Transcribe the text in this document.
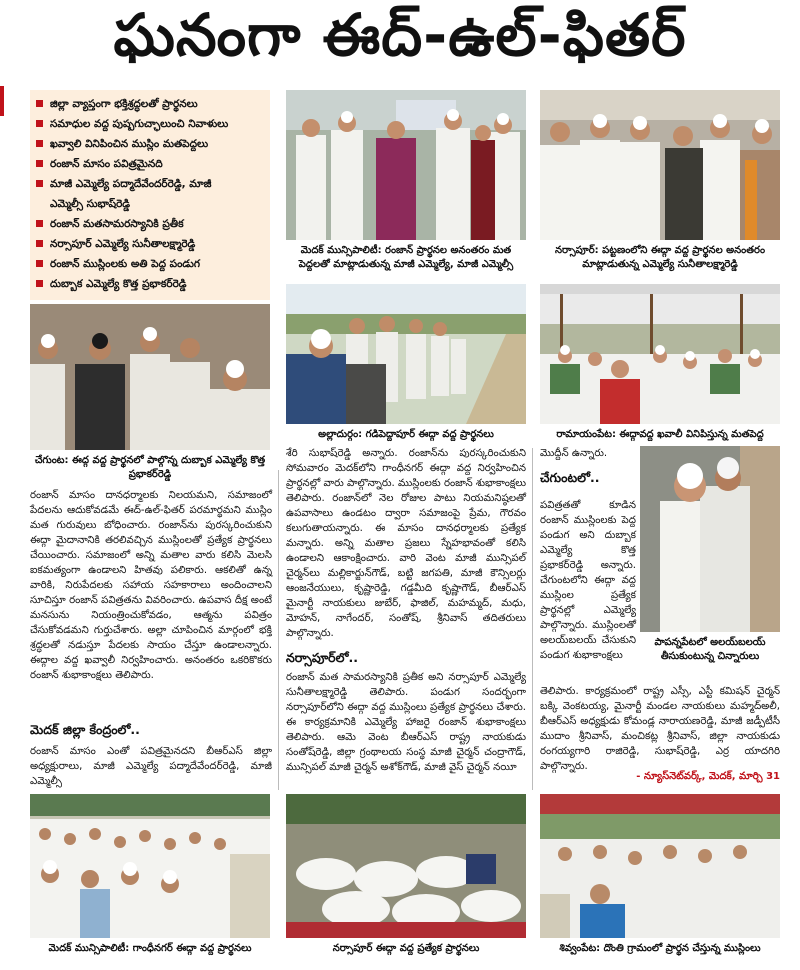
ఘనంగా ఈద్‌-ఉల్‌-ఫితర్‌
జిల్లా వ్యాప్తంగా భక్తిశ్రద్ధలతో ప్రార్థనలు
సమాధుల వద్ద పుష్పగుచ్ఛాలుంచి నివాళులు
ఖవ్వాలి వినిపించిన ముస్లిం మతపెద్దలు
రంజాన్‌ మాసం పవిత్రమైనది
మాజీ ఎమ్మెల్యే పద్మాదేవేందర్‌రెడ్డి, మాజీ
ఎమ్మెల్సీ సుభాష్‌రెడ్డి
రంజాన్‌ మతసామరస్యానికి ప్రతీక
నర్సాపూర్‌ ఎమ్మెల్యే సునీతాలక్ష్మారెడ్డి
రంజాన్‌ ముస్లింలకు అతి పెద్ద పండుగ
దుబ్బాక ఎమ్మెల్యే కొత్త ప్రభాకర్‌రెడ్డి
మెదక్‌ మున్సిపాలిటీ: రంజాన్‌ ప్రార్థనల అనంతరం మత పెద్దలతో మాట్లాడుతున్న మాజీ ఎమ్మెల్యే, మాజీ ఎమ్మెల్సీ
నర్సాపూర్‌: పట్టణంలోని ఈద్గా వద్ద ప్రార్థనల అనంతరం మాట్లాడుతున్న ఎమ్మెల్యే సునీతాలక్ష్మారెడ్డి
చేగుంట: ఈద్గ వద్ద ప్రార్థనలో పాల్గొన్న దుబ్బాక ఎమ్మెల్యే కొత్త ప్రభాకర్‌రెడ్డి
అల్లాదుర్గం: గడిపెద్దాపూర్‌ ఈద్గా వద్ద ప్రార్థనలు	రామాయంపేట: ఈద్గావద్ద ఖవాలీ వినిపిస్తున్న మతపెద్ద
రంజాన్‌ మాసం దానధర్మాలకు నిలయమని, సమాజంలో పేదలను ఆదుకోవడమే ఈద్‌-ఉల్‌-ఫితర్‌ పరమార్థమని ముస్లిం మత గురువులు బోధించారు. రంజాన్‌ను పురస్కరించుకుని ఈద్గా మైదానానికి తరలివచ్చిన ముస్లింలతో ప్రత్యేక ప్రార్థనలు చేయించారు. సమాజంలో అన్ని మతాల వారు కలిసి మెలసి ఐకమత్యంగా ఉండాలని హితవు పలికారు. ఆకలితో ఉన్న వారికి, నిరుపేదలకు సహాయ సహకారాలు అందించాలని సూచిస్తూ రంజాన్‌ పవిత్రతను వివరించారు. ఉపవాస దీక్ష అంటే మనసును నియంత్రించుకోవడం, ఆత్మను పవిత్రం చేసుకోవడమని గుర్తుచేశారు. అల్లా చూపించిన మార్గంలో భక్తి శ్రద్ధలతో నడుస్తూ పేదలకు సాయం చేస్తూ ఉండాలన్నారు. ఈద్గాల వద్ద ఖవ్వాలీ నిర్వహించారు. అనంతరం ఒకరికొకరు రంజాన్‌ శుభాకాంక్షలు తెలిపారు.
మెదక్‌ జిల్లా కేంద్రంలో..
రంజాన్‌ మాసం ఎంతో పవిత్రమైనదని బీఆర్‌ఎస్‌ జిల్లా అధ్యక్షురాలు, మాజీ ఎమ్మెల్యే పద్మాదేవేందర్‌రెడ్డి, మాజీ ఎమ్మెల్సీ
శేరి సుభాష్‌రెడ్డి అన్నారు. రంజాన్‌ను పురస్కరించుకుని సోమవారం మెదక్‌లోని గాంధీనగర్‌ ఈద్గా వద్ద నిర్వహించిన ప్రార్థనల్లో వారు పాల్గొన్నారు. ముస్లింలకు రంజాన్‌ శుభాకాంక్షలు తెలిపారు. రంజాన్‌లో నెల రోజుల పాటు నియమనిష్ఠలతో ఉపవాసాలు ఉండటం ద్వారా సమాజంపై ప్రేమ, గౌరవం కలుగుతాయన్నారు. ఈ మాసం దానధర్మాలకు ప్రత్యేక మన్నారు. అన్ని మతాల ప్రజలు స్నేహభావంతో కలిసి ఉండాలని ఆకాంక్షించారు. వారి వెంట మాజీ మున్సిపల్‌ చైర్మన్‌లు మల్లికార్జున్‌గౌడ్‌, బట్టి జగపతి, మాజీ కౌన్సిలర్లు ఆంజనేయులు, కృష్ణారెడ్డి, గడ్డమీది కృష్ణాగౌడ్‌, బీఆర్‌ఎస్‌ మైనార్టీ నాయకులు జుబేర్‌, ఫాజిల్‌, మహమ్మద్‌, మధు, మోహన్‌, నాగేందర్‌, సంతోష్‌, శ్రీనివాస్‌ తదితరులు పాల్గొన్నారు.
నర్సాపూర్‌లో..
రంజాన్‌ మత సామరస్యానికి ప్రతీక అని నర్సాపూర్‌ ఎమ్మెల్యే సునీతాలక్ష్మారెడ్డి తెలిపారు. పండుగ సందర్భంగా నర్సాపూర్‌లోని ఈద్గా వద్ద ముస్లింలు ప్రత్యేక ప్రార్థనలు చేశారు. ఈ కార్యక్రమానికి ఎమ్మెల్యే హాజరై రంజాన్‌ శుభాకాంక్షలు తెలిపారు. ఆమె వెంట బీఆర్‌ఎస్‌ రాష్ట్ర నాయకుడు సంతోష్‌రెడ్డి, జిల్లా గ్రంథాలయ సంస్థ మాజీ చైర్మన్‌ చంద్రాగౌడ్‌, మున్సిపల్‌ మాజీ చైర్మన్‌ అశోక్‌గౌడ్‌, మాజీ వైస్‌ చైర్మన్‌ నయీ
మొద్దీన్‌ ఉన్నారు.
చేగుంటలో..
పవిత్రతతో కూడిన రంజాన్‌ ముస్లింలకు పెద్ద పండుగ అని దుబ్బాక ఎమ్మెల్యే కొత్త ప్రభాకర్‌రెడ్డి అన్నారు. చేగుంటలోని ఈద్గా వద్ద ముస్లింల ప్రత్యేక ప్రార్థనల్లో ఎమ్మెల్యే పాల్గొన్నారు. ముస్లింలతో అలయ్‌బలయ్‌ చేసుకుని పండుగ శుభాకాంక్షలు
పాపన్నపేటలో అలయ్‌బలయ్‌ తీసుకుంటున్న చిన్నారులు
తెలిపారు. కార్యక్రమంలో రాష్ట్ర ఎస్సీ, ఎస్టీ కమిషన్‌ చైర్మన్‌ బక్కి వెంకటయ్య, మైనార్టీ మండల నాయకులు మహ్మద్‌అలీ, బీఆర్‌ఎస్‌ అధ్యక్షుడు కోమండ్ల నారాయణరెడ్డి, మాజీ జడ్పీటీసీ ముదాం శ్రీనివాస్‌, మంచికట్ల శ్రీనివాస్‌, జిల్లా నాయకుడు రంగయ్యగారి రాజిరెడ్డి, సుభాష్‌రెడ్డి, ఎర్ర యాదగిరి పాల్గొన్నారు.
- న్యూస్‌నెట్‌వర్క్‌, మెదక్‌, మార్చి 31
మెదక్‌ మున్సిపాలిటీ: గాంధీనగర్‌ ఈద్గా వద్ద ప్రార్థనలు	నర్సాపూర్‌ ఈద్గా వద్ద ప్రత్యేక ప్రార్థనలు	శివ్వంపేట: దొంతి గ్రామంలో ప్రార్థన చేస్తున్న ముస్లింలు
